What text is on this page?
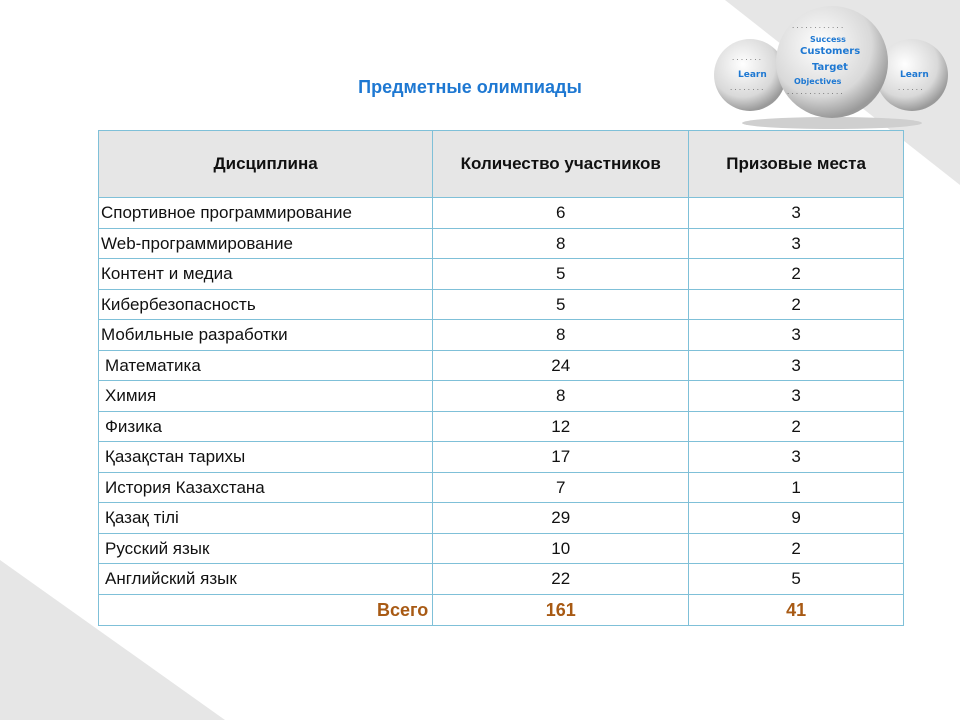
Предметные олимпиады
· · · · · · ·
· · · · · · · ·	· · · · · ·
· · · · · · · · · · · ·
· · · · · · · · · · · · ·
Learn	Learn
Customers
Target
Objectives
Success
Дисциплина	Количество участников	Призовые места
Спортивное программирование	6	3
Web-программирование	8	3
Контент и медиа	5	2
Кибербезопасность	5	2
Мобильные разработки	8	3
Математика	24	3
Химия	8	3
Физика	12	2
Қазақстан тарихы	17	3
История Казахстана	7	1
Қазақ тілі	29	9
Русский язык	10	2
Английский язык	22	5
Всего	161	41
